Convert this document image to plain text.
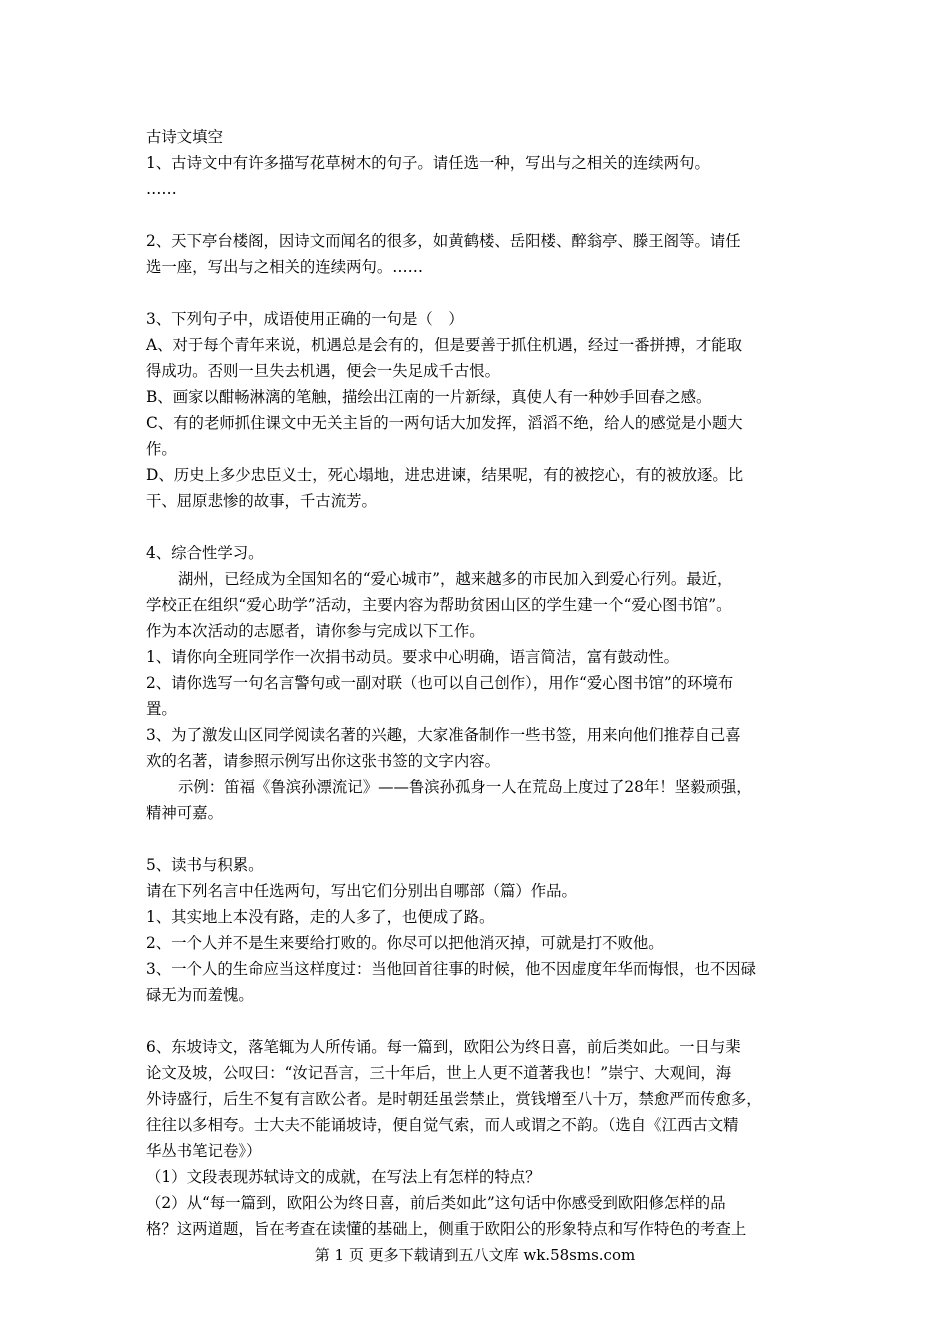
古诗文填空
1、古诗文中有许多描写花草树木的句子。请任选一种，写出与之相关的连续两句。
……
2、天下亭台楼阁，因诗文而闻名的很多，如黄鹤楼、岳阳楼、醉翁亭、滕王阁等。请任
选一座，写出与之相关的连续两句。……
3、下列句子中，成语使用正确的一句是（　）
A、对于每个青年来说，机遇总是会有的，但是要善于抓住机遇，经过一番拼搏，才能取
得成功。否则一旦失去机遇，便会一失足成千古恨。
B、画家以酣畅淋漓的笔触，描绘出江南的一片新绿，真使人有一种妙手回春之感。
C、有的老师抓住课文中无关主旨的一两句话大加发挥，滔滔不绝，给人的感觉是小题大
作。
D、历史上多少忠臣义士，死心塌地，进忠进谏，结果呢，有的被挖心，有的被放逐。比
干、屈原悲惨的故事，千古流芳。
4、综合性学习。
湖州，已经成为全国知名的“爱心城市”，越来越多的市民加入到爱心行列。最近，
学校正在组织“爱心助学”活动，主要内容为帮助贫困山区的学生建一个“爱心图书馆”。
作为本次活动的志愿者，请你参与完成以下工作。
1、请你向全班同学作一次捐书动员。要求中心明确，语言简洁，富有鼓动性。
2、请你选写一句名言警句或一副对联（也可以自己创作），用作“爱心图书馆”的环境布
置。
3、为了激发山区同学阅读名著的兴趣，大家准备制作一些书签，用来向他们推荐自己喜
欢的名著，请参照示例写出你这张书签的文字内容。
示例：笛福《鲁滨孙漂流记》——鲁滨孙孤身一人在荒岛上度过了28年！坚毅顽强，
精神可嘉。
5、读书与积累。
请在下列名言中任选两句，写出它们分别出自哪部（篇）作品。
1、其实地上本没有路，走的人多了，也便成了路。
2、一个人并不是生来要给打败的。你尽可以把他消灭掉，可就是打不败他。
3、一个人的生命应当这样度过：当他回首往事的时候，他不因虚度年华而悔恨，也不因碌
碌无为而羞愧。
6、东坡诗文，落笔辄为人所传诵。每一篇到，欧阳公为终日喜，前后类如此。一日与棐
论文及坡，公叹曰：“汝记吾言，三十年后，世上人更不道著我也！”崇宁、大观间，海
外诗盛行，后生不复有言欧公者。是时朝廷虽尝禁止，赏钱增至八十万，禁愈严而传愈多，
往往以多相夸。士大夫不能诵坡诗，便自觉气索，而人或谓之不韵。（选自《江西古文精
华丛书笔记卷》）
（1）文段表现苏轼诗文的成就，在写法上有怎样的特点？
（2）从“每一篇到，欧阳公为终日喜，前后类如此”这句话中你感受到欧阳修怎样的品
格？这两道题，旨在考查在读懂的基础上，侧重于欧阳公的形象特点和写作特色的考查上
第 1 页 更多下载请到五八文库 wk.58sms.com
